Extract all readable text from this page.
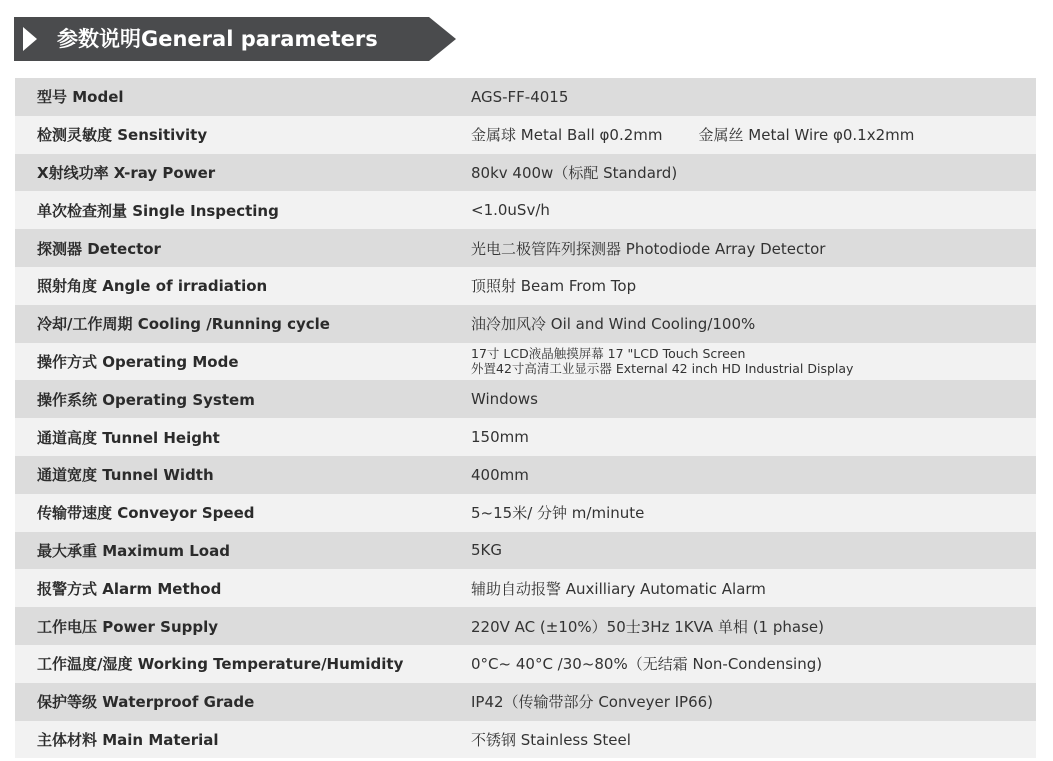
参数说明General parameters
型号 Model	AGS-FF-4015
检测灵敏度 Sensitivity	金属球 Metal Ball φ0.2mm 金属丝 Metal Wire φ0.1x2mm
X射线功率 X-ray Power	80kv 400w（标配 Standard)
单次检查剂量 Single Inspecting	<1.0uSv/h
探测器 Detector	光电二极管阵列探测器 Photodiode Array Detector
照射角度 Angle of irradiation	顶照射 Beam From Top
冷却/工作周期 Cooling /Running cycle	油冷加风冷 Oil and Wind Cooling/100%
操作方式 Operating Mode	17寸 LCD液晶触摸屏幕 17 "LCD Touch Screen
外置42寸高清工业显示器 External 42 inch HD Industrial Display
操作系统 Operating System	Windows
通道高度 Tunnel Height	150mm
通道宽度 Tunnel Width	400mm
传输带速度 Conveyor Speed	5~15米/ 分钟 m/minute
最大承重 Maximum Load	5KG
报警方式 Alarm Method	辅助自动报警 Auxilliary Automatic Alarm
工作电压 Power Supply	220V AC (±10%）50士3Hz 1KVA 单相 (1 phase)
工作温度/湿度 Working Temperature/Humidity	0°C~ 40°C /30~80%（无结霜 Non-Condensing)
保护等级 Waterproof Grade	IP42（传输带部分 Conveyer IP66)
主体材料 Main Material	不锈钢 Stainless Steel
